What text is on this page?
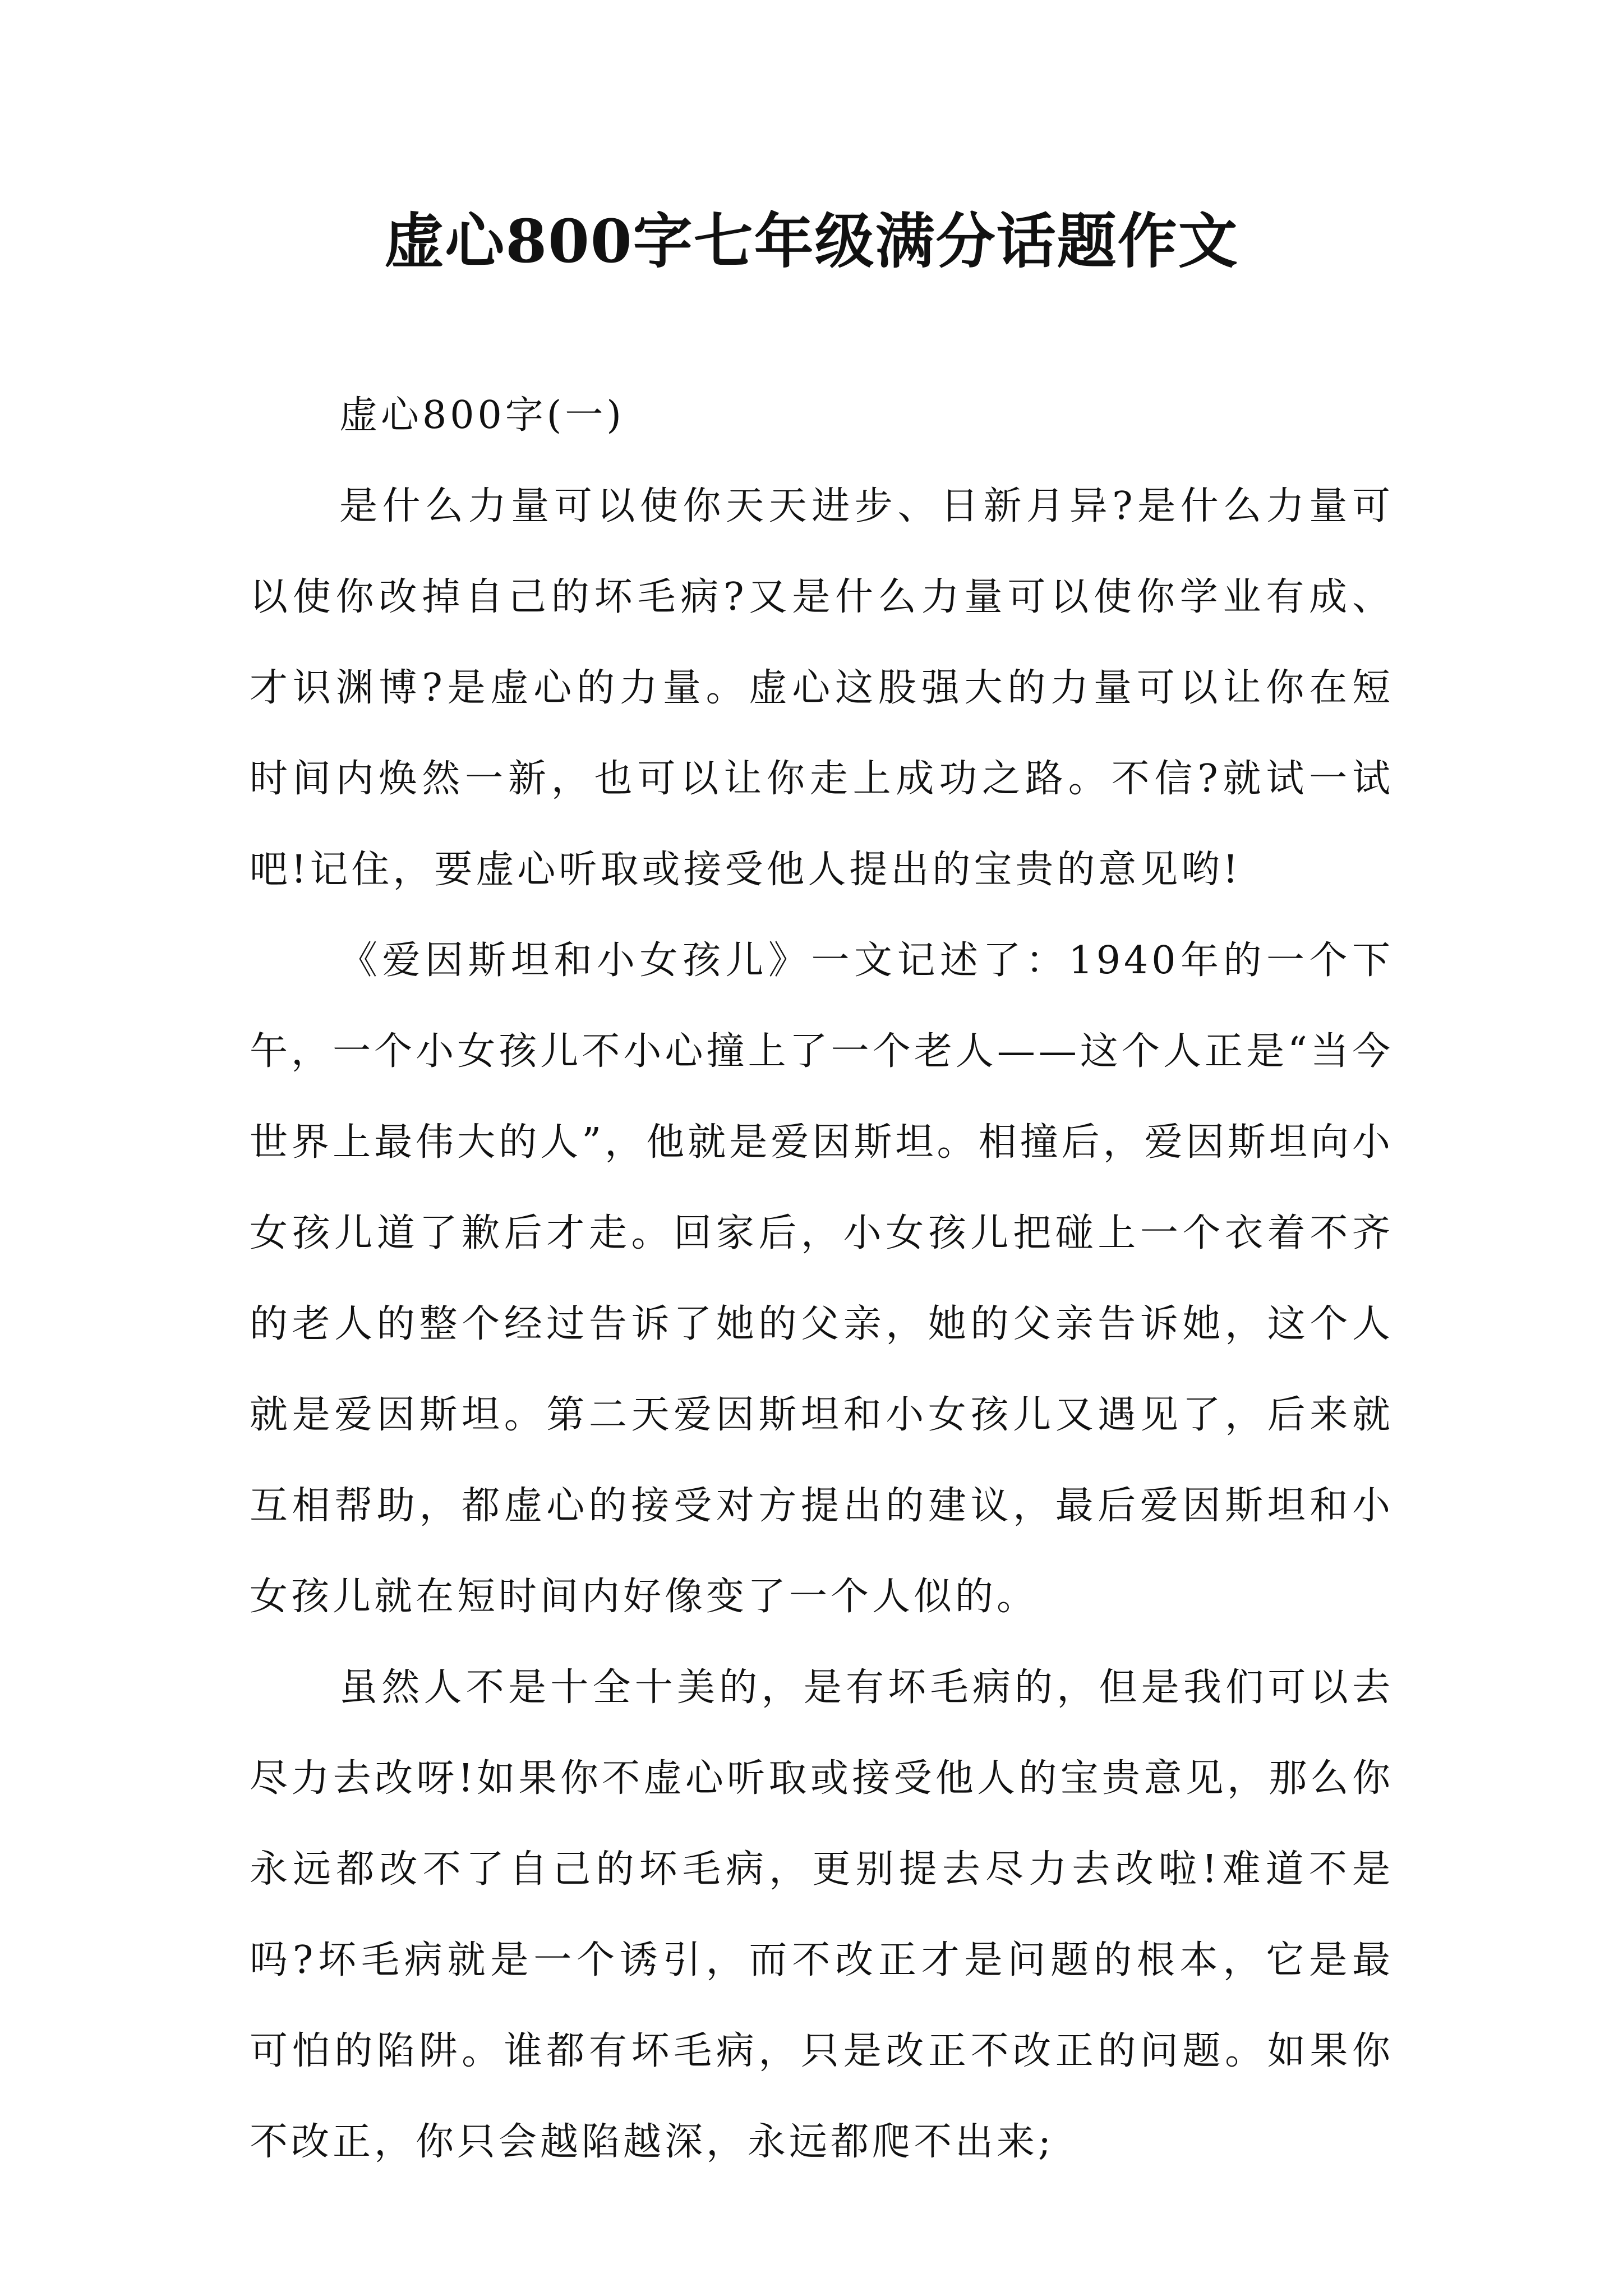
虚心800字七年级满分话题作文

虚心800字(一)

是什么力量可以使你天天进步、日新月异?是什么力量可以使你改掉自己的坏毛病?又是什么力量可以使你学业有成、才识渊博?是虚心的力量。虚心这股强大的力量可以让你在短时间内焕然一新，也可以让你走上成功之路。不信?就试一试吧!记住，要虚心听取或接受他人提出的宝贵的意见哟!

《爱因斯坦和小女孩儿》一文记述了：1940年的一个下午，一个小女孩儿不小心撞上了一个老人——这个人正是“当今世界上最伟大的人”，他就是爱因斯坦。相撞后，爱因斯坦向小女孩儿道了歉后才走。回家后，小女孩儿把碰上一个衣着不齐的老人的整个经过告诉了她的父亲，她的父亲告诉她，这个人就是爱因斯坦。第二天爱因斯坦和小女孩儿又遇见了，后来就互相帮助，都虚心的接受对方提出的建议，最后爱因斯坦和小女孩儿就在短时间内好像变了一个人似的。

虽然人不是十全十美的，是有坏毛病的，但是我们可以去尽力去改呀!如果你不虚心听取或接受他人的宝贵意见，那么你永远都改不了自己的坏毛病，更别提去尽力去改啦!难道不是吗?坏毛病就是一个诱引，而不改正才是问题的根本，它是最可怕的陷阱。谁都有坏毛病，只是改正不改正的问题。如果你不改正，你只会越陷越深，永远都爬不出来;
